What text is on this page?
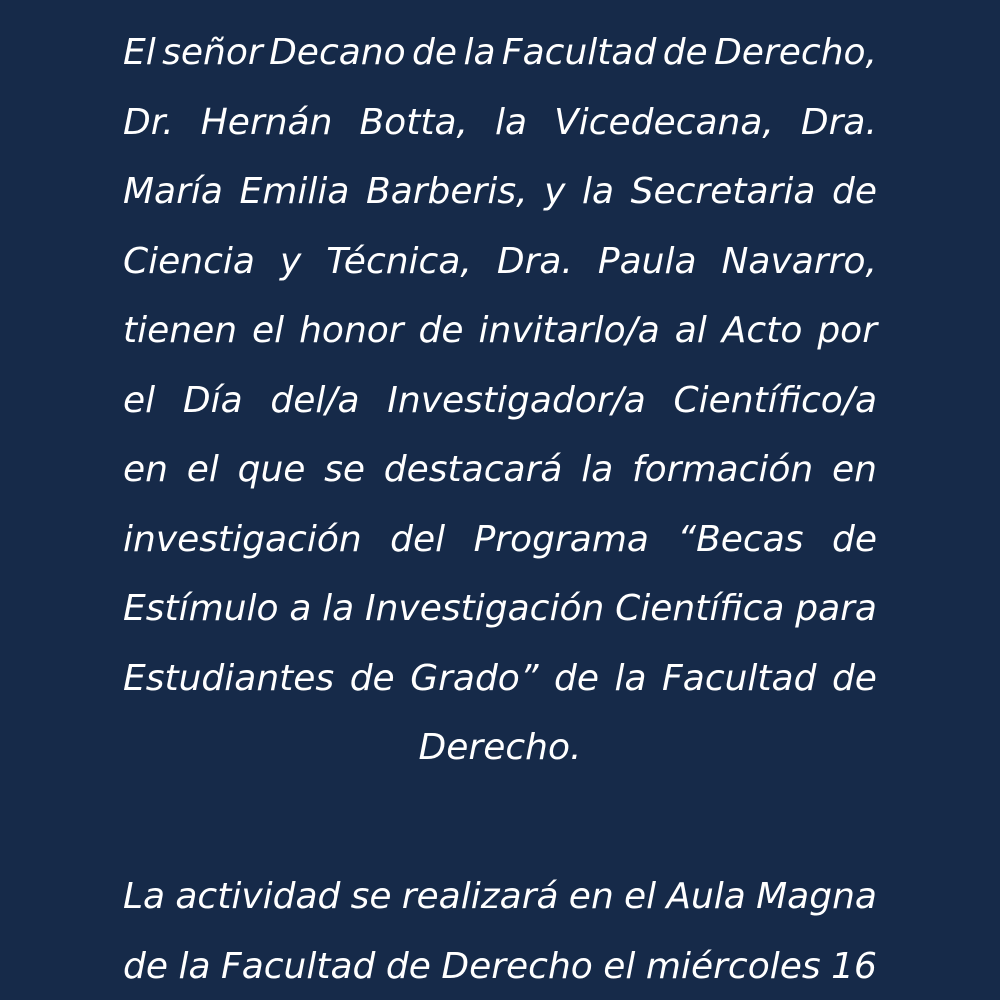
El señor Decano de la Facultad de Derecho,
Dr. Hernán Botta, la Vicedecana, Dra.
María Emilia Barberis, y la Secretaria de
Ciencia y Técnica, Dra. Paula Navarro,
tienen el honor de invitarlo/a al Acto por
el Día del/a Investigador/a Científico/a
en el que se destacará la formación en
investigación del Programa “Becas de
Estímulo a la Investigación Científica para
Estudiantes de Grado” de la Facultad de
Derecho.
La actividad se realizará en el Aula Magna
de la Facultad de Derecho el miércoles 16
